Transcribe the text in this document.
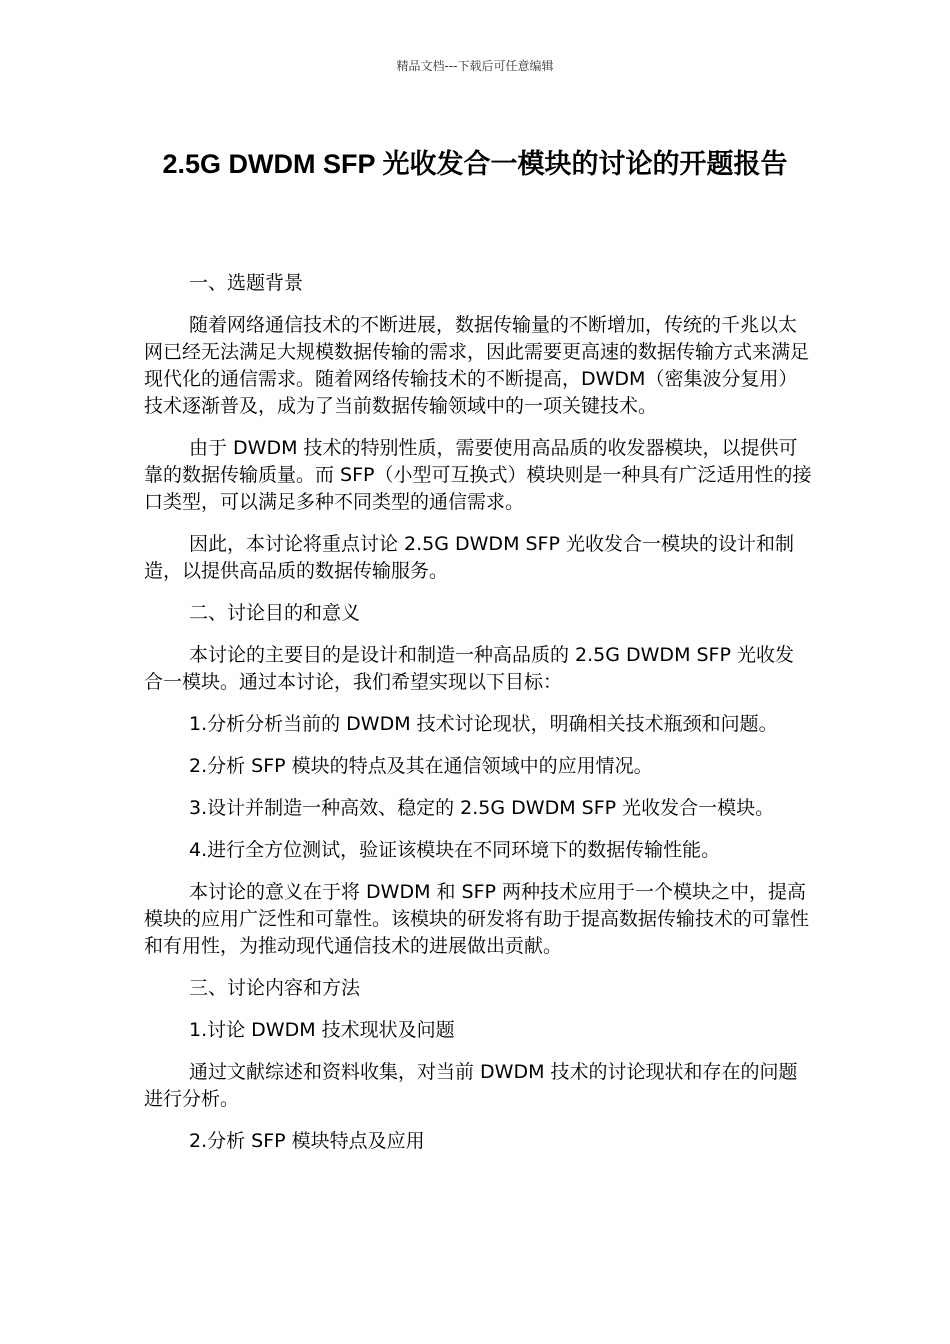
精品文档---下载后可任意编辑
2.5G DWDM SFP 光收发合一模块的讨论的开题报告

一、选题背景

随着网络通信技术的不断进展，数据传输量的不断增加，传统的千兆以太网已经无法满足大规模数据传输的需求，因此需要更高速的数据传输方式来满足现代化的通信需求。随着网络传输技术的不断提高，DWDM（密集波分复用）技术逐渐普及，成为了当前数据传输领域中的一项关键技术。

由于 DWDM 技术的特别性质，需要使用高品质的收发器模块，以提供可靠的数据传输质量。而 SFP（小型可互换式）模块则是一种具有广泛适用性的接口类型，可以满足多种不同类型的通信需求。

因此，本讨论将重点讨论 2.5G DWDM SFP 光收发合一模块的设计和制造，以提供高品质的数据传输服务。

二、讨论目的和意义

本讨论的主要目的是设计和制造一种高品质的 2.5G DWDM SFP 光收发合一模块。通过本讨论，我们希望实现以下目标：

1.分析分析当前的 DWDM 技术讨论现状，明确相关技术瓶颈和问题。

2.分析 SFP 模块的特点及其在通信领域中的应用情况。

3.设计并制造一种高效、稳定的 2.5G DWDM SFP 光收发合一模块。

4.进行全方位测试，验证该模块在不同环境下的数据传输性能。

本讨论的意义在于将 DWDM 和 SFP 两种技术应用于一个模块之中，提高模块的应用广泛性和可靠性。该模块的研发将有助于提高数据传输技术的可靠性和有用性，为推动现代通信技术的进展做出贡献。

三、讨论内容和方法

1.讨论 DWDM 技术现状及问题

通过文献综述和资料收集，对当前 DWDM 技术的讨论现状和存在的问题进行分析。

2.分析 SFP 模块特点及应用
